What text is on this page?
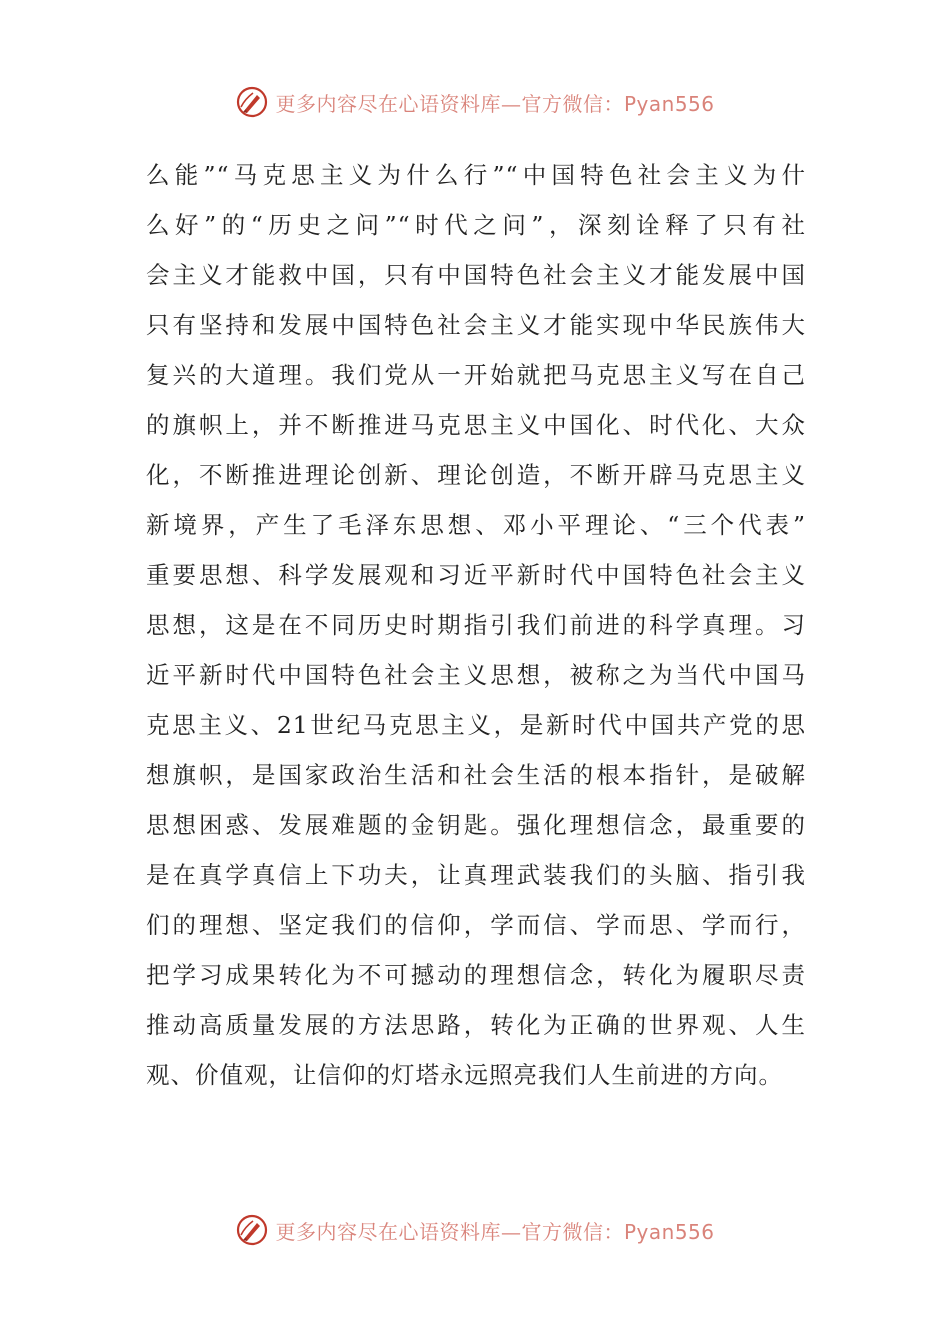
更多内容尽在心语资料库—官方微信：Pyan556
么能”“马克思主义为什么行”“中国特色社会主义为什
么好”的“历史之问”“时代之问”，深刻诠释了只有社
会主义才能救中国，只有中国特色社会主义才能发展中国
只有坚持和发展中国特色社会主义才能实现中华民族伟大
复兴的大道理。我们党从一开始就把马克思主义写在自己
的旗帜上，并不断推进马克思主义中国化、时代化、大众
化，不断推进理论创新、理论创造，不断开辟马克思主义
新境界，产生了毛泽东思想、邓小平理论、“三个代表”
重要思想、科学发展观和习近平新时代中国特色社会主义
思想，这是在不同历史时期指引我们前进的科学真理。习
近平新时代中国特色社会主义思想，被称之为当代中国马
克思主义、21世纪马克思主义，是新时代中国共产党的思
想旗帜，是国家政治生活和社会生活的根本指针，是破解
思想困惑、发展难题的金钥匙。强化理想信念，最重要的
是在真学真信上下功夫，让真理武装我们的头脑、指引我
们的理想、坚定我们的信仰，学而信、学而思、学而行，
把学习成果转化为不可撼动的理想信念，转化为履职尽责
推动高质量发展的方法思路，转化为正确的世界观、人生
观、价值观，让信仰的灯塔永远照亮我们人生前进的方向。
更多内容尽在心语资料库—官方微信：Pyan556
